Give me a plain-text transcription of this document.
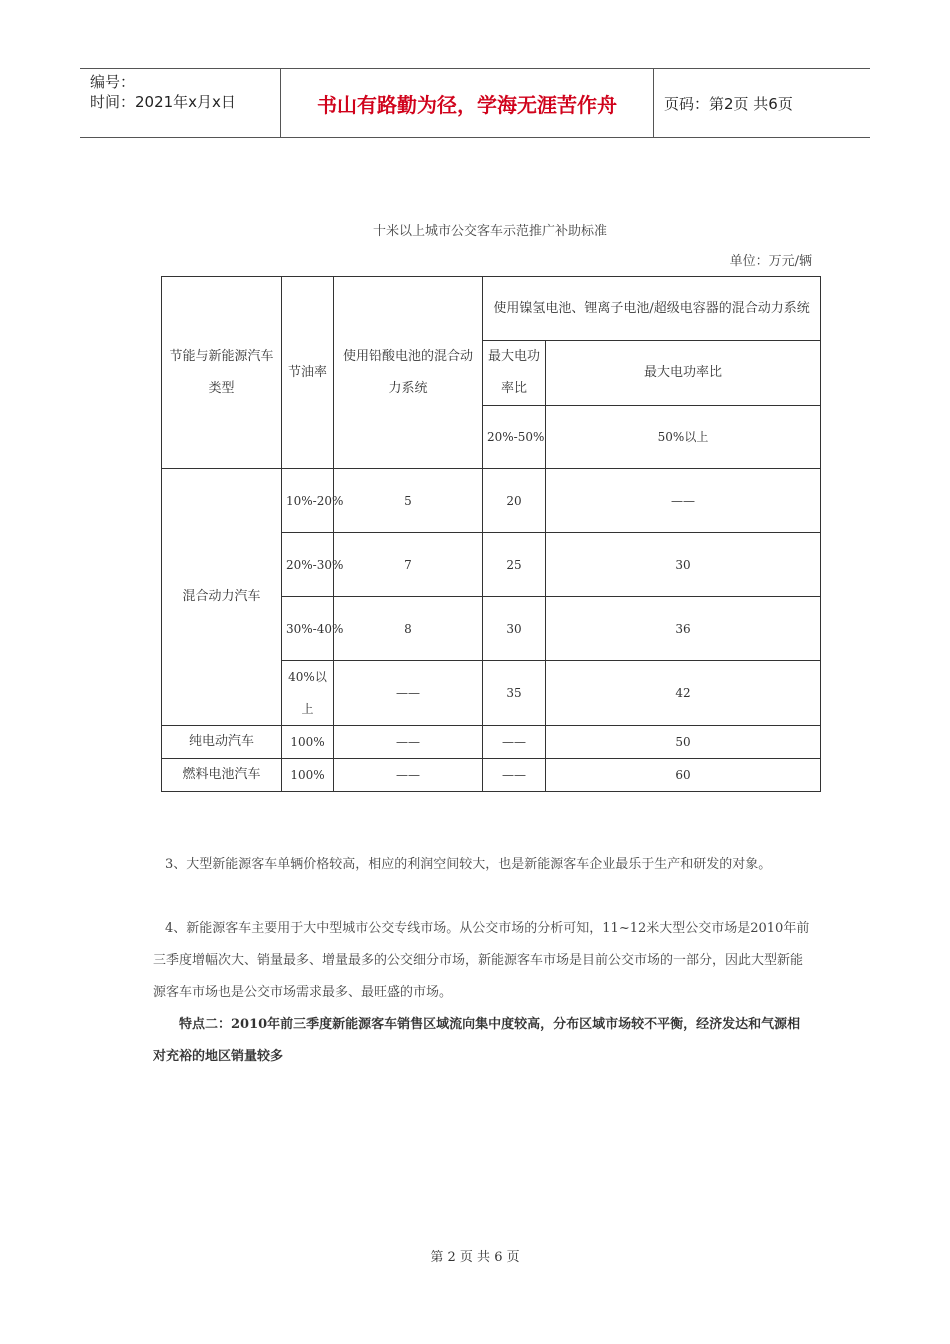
编号：
时间：2021年x月x日	书山有路勤为径，学海无涯苦作舟	页码：第2页 共6页
十米以上城市公交客车示范推广补助标准
单位：万元/辆
节能与新能源汽车类型	节油率	使用铅酸电池的混合动力系统	使用镍氢电池、锂离子电池/超级电容器的混合动力系统	
			最大电功率比	最大电功率比
			20%-50%	50%以上
混合动力汽车	10%-20%	5	20	——
	20%-30%	7	25	30
	30%-40%	8	30	36
	40%以上	——	35	42
纯电动汽车	100%	——	——	50
燃料电池汽车	100%	——	——	60
3、大型新能源客车单辆价格较高，相应的利润空间较大，也是新能源客车企业最乐于生产和研发的对象。
4、新能源客车主要用于大中型城市公交专线市场。从公交市场的分析可知，11~12米大型公交市场是2010年前三季度增幅次大、销量最多、增量最多的公交细分市场，新能源客车市场是目前公交市场的一部分，因此大型新能源客车市场也是公交市场需求最多、最旺盛的市场。
特点二：2010年前三季度新能源客车销售区域流向集中度较高，分布区域市场较不平衡，经济发达和气源相对充裕的地区销量较多
第 2 页 共 6 页
